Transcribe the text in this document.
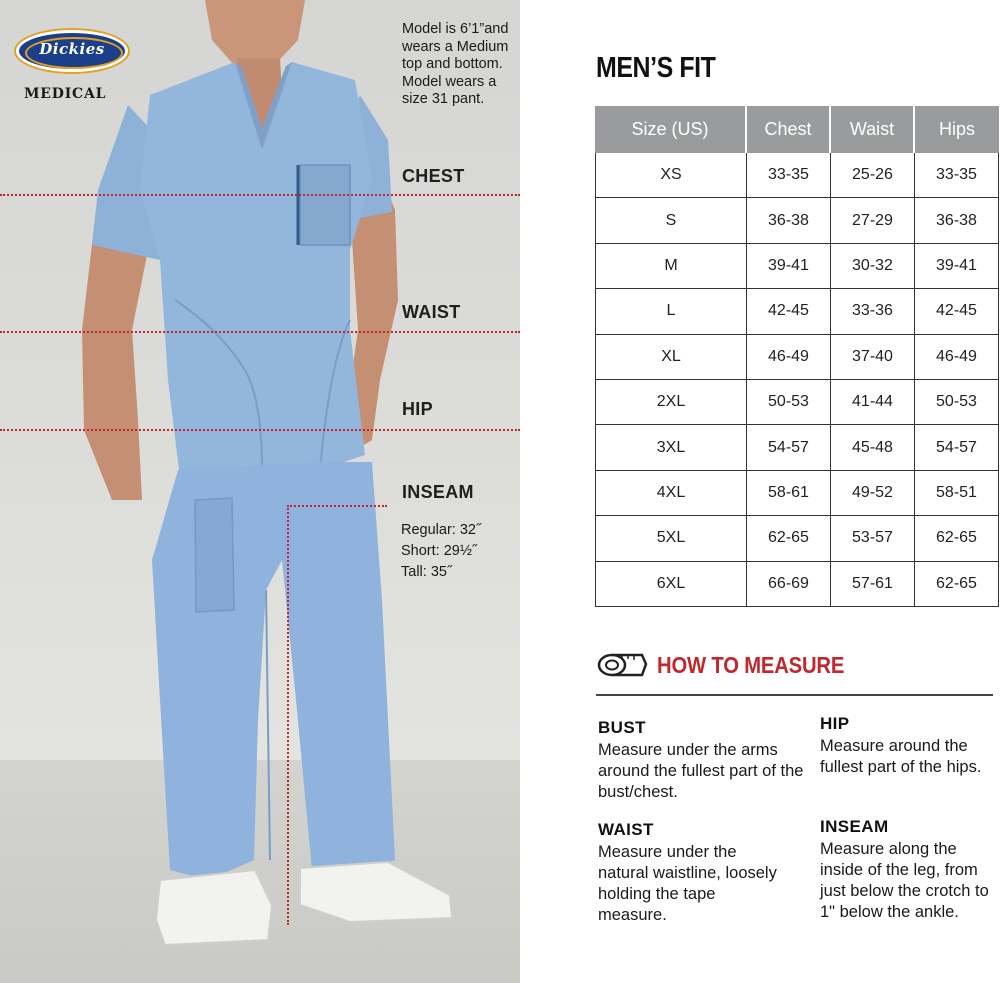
Dickies
MEDICAL
Model is 6’1”and wears a Medium top and bottom. Model wears a size 31 pant.
CHEST
WAIST
HIP
INSEAM
Regular: 32˝
Short: 29½˝
Tall: 35˝
MEN’S FIT
Size (US)	Chest	Waist	Hips
XS	33-35	25-26	33-35
S	36-38	27-29	36-38
M	39-41	30-32	39-41
L	42-45	33-36	42-45
XL	46-49	37-40	46-49
2XL	50-53	41-44	50-53
3XL	54-57	45-48	54-57
4XL	58-61	49-52	58-51
5XL	62-65	53-57	62-65
6XL	66-69	57-61	62-65
HOW TO MEASURE
BUST
Measure under the arms around the fullest part of the bust/chest.
HIP
Measure around the fullest part of the hips.
WAIST
Measure under the natural waistline, loosely holding the tape measure.
INSEAM
Measure along the inside of the leg, from just below the crotch to 1" below the ankle.
